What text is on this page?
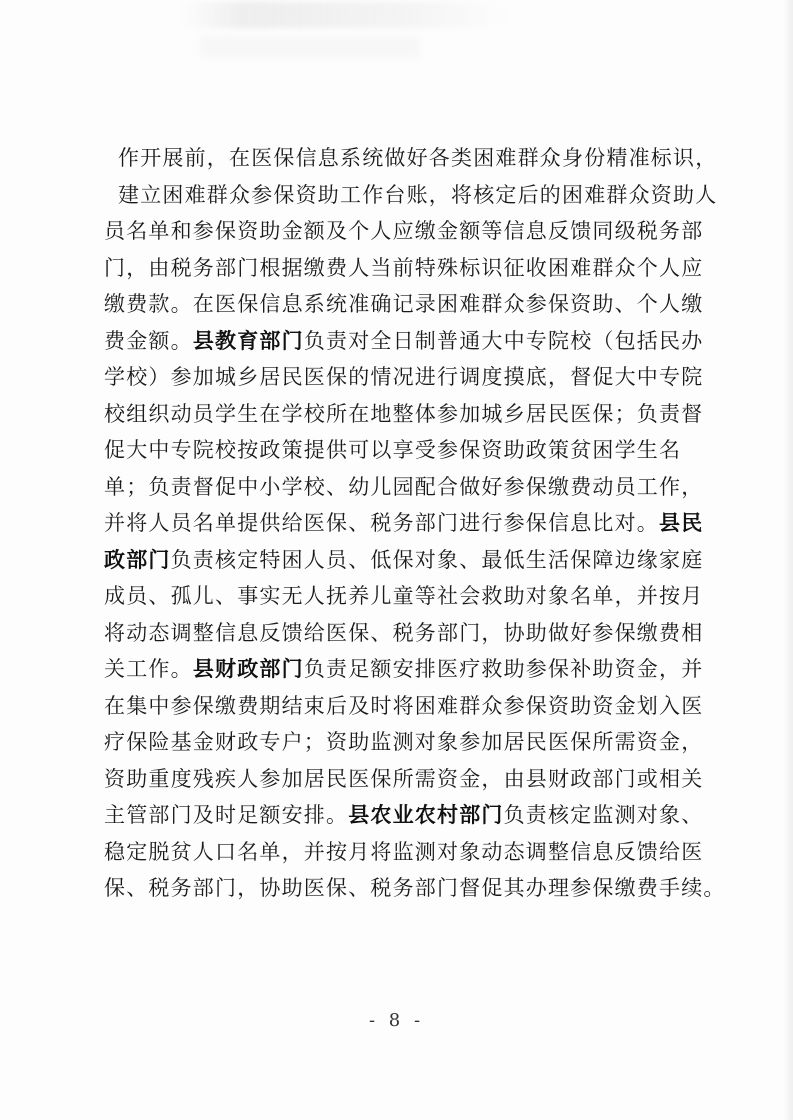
作开展前，在医保信息系统做好各类困难群众身份精准标识，
建立困难群众参保资助工作台账，将核定后的困难群众资助人
员名单和参保资助金额及个人应缴金额等信息反馈同级税务部
门，由税务部门根据缴费人当前特殊标识征收困难群众个人应
缴费款。在医保信息系统准确记录困难群众参保资助、个人缴
费金额。县教育部门负责对全日制普通大中专院校（包括民办
学校）参加城乡居民医保的情况进行调度摸底，督促大中专院
校组织动员学生在学校所在地整体参加城乡居民医保；负责督
促大中专院校按政策提供可以享受参保资助政策贫困学生名
单；负责督促中小学校、幼儿园配合做好参保缴费动员工作，
并将人员名单提供给医保、税务部门进行参保信息比对。县民
政部门负责核定特困人员、低保对象、最低生活保障边缘家庭
成员、孤儿、事实无人抚养儿童等社会救助对象名单，并按月
将动态调整信息反馈给医保、税务部门，协助做好参保缴费相
关工作。县财政部门负责足额安排医疗救助参保补助资金，并
在集中参保缴费期结束后及时将困难群众参保资助资金划入医
疗保险基金财政专户；资助监测对象参加居民医保所需资金，
资助重度残疾人参加居民医保所需资金，由县财政部门或相关
主管部门及时足额安排。县农业农村部门负责核定监测对象、
稳定脱贫人口名单，并按月将监测对象动态调整信息反馈给医
保、税务部门，协助医保、税务部门督促其办理参保缴费手续。
- 8 -
